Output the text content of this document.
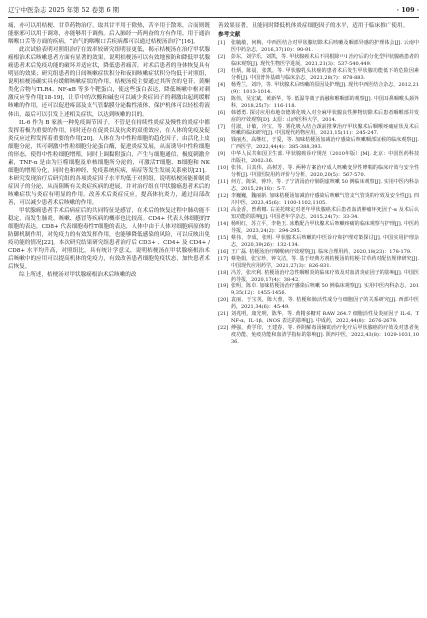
辽宁中医杂志 2025 年第 52 卷第 6 期	· 109 ·

痛，亦可以用桔梗、甘草药物治疗，取其甘平用于除热，苦辛用于散寒，合而则既能驱邪可以用于调寒，亦能够用于调热。后入肺经一药两奋的方有作用，用于通治咽喉口舌等方面的疾病，“治气的咽喉口舌疾病都可以通过桔梗汤治疗”[16]。

此次试验表明对照组治疗在效率较研究组明显更低，揭示桔梗汤在治疗甲状腺癌根治术后咳嗽患者方面有显著的效果，说明桔梗汤可以有效地预防和降低甲状腺癌患者术后免疫功能的破坏并适应状，降低患者痛苦，对术后患者的身体恢复具有明显的效果；研究组患者的日间咳嗽症状积分和夜间咳嗽症状积分均低于对照组，说明桔梗汤确实具有缓解咳嗽症状的作用。桔梗汤使主要通过其所含的皂苷、黄酮类化合物与TLR4、NF-κB 等多个靶蛋白，使这些蛋白表达，降低咳嗽中枢对刺激反应等作用[18-19]，让草中的次酸和碱也可以减少炎症因子的刺激由起到缓解咳嗽的作用，还可以促进疼部及支气管黏膜分泌黏性液体，保护机体可以轻松将液体出，最后可以引发上述相关症状，以达到咳嗽的目的。

IL-6 作为 B 家族一种免疫调节因子，不管是在持续性炎症及慢性的炎症中都发挥着极为重要的作用，同时还存在促炎以及抗炎的双重效应，在人体的免疫及促炎反应过程发挥着重要的作用[20]。人体在为中性粒细胞的趋化因子，由活化上皮细胞分泌，其可刺激中性粒细胞分泌蛋白酶，促进炎症发展，从而诱导中性粒细胞的形态，使得中性粒细胞增殖，同时上调黏附蛋白，产生与细胞通信，极度刺激介素，TNF-α 是由为巨噬细胞及单核细胞所分泌的，可激活T细胞、B细胞和 NK 细胞的增殖分化，同时也和神经、免疫系统疾病，病症等发生发展关系密切[21]。本研究发现治疗后研究组的各项炎症因子水平均低于对照组，说明桔梗汤能抑制炎症因子的分泌，从而阻断有关炎症疾病的进展，并对治疗组在甲状腺癌患者术后的咳嗽症状与炎症有明显的作用，改善术后炎症反应，提高体抗炎力，通过局部改善，可以减少患者术后咳嗽的作用。

甲状腺癌患者手术后病症后的共同特征是感冒，在术后的恢复过程中肺功能不稳定，而发生肺炎、咳嗽、感冒等疾病的概率也比较高。CD4+ 代表人体细胞的T细胞的表达，CD8+ 代表细胞毒性T细胞的表达，人体中由于人体对细胞病原体的防御机制作用，对免疫力的有效发挥作用，也能够降低感染的风险，可以反映出免疫功能的情况[22]。本次研究结果研究组患者治疗后 CD3+ 、CD4+ 及 CD4+ /CD8+ 水平均升高，对照组比，具有统计学意义，说明桔梗汤在甲状腺癌根治术后咳嗽中的应用可以提高机体的免疫力，有效改善患者细胞免疫状态，加快患者术后恢复。

综上所述，桔梗汤对甲状腺癌根治术后咳嗽的改

善效果显著，且能同时降低机体炎症细胞因子的水平，适用于临床推广使用。

参考文献
[1]	张毓敏，何梅，中西医结合对甲状腺切除术后咳嗽及咽部异感的护理体会[J]. 云南中医中药杂志，2016,37(10)：90-91.
[2]	彭东，刘学乐，刘凯，等. 甲状腺癌术后不同根除¹³¹I 治疗后的分化型甲状腺癌患者的临床观察[J]. 现代生物医学进展，2021,21(3)：537-540,449.
[3]	杜炳，陈晨，张凯，等. 甲状腺乳头状癌的患者术后发生甲状腺功能低下的危险因素分析[J]. 中国普外基础与临床杂志，2021,28(7)：878-883.
[4]	杨秀兰，刘玲，等. 甲状腺术后咳嗽的原因及护理[J]. 现代中西医结合杂志，2012,21(9)：1013-1014.
[5]	陈伟，吴宏斌，黄新华，等. 低温等离子消融和喉咽部的观察[J]. 中国耳鼻咽喉头颈外科，2018,25(7)：116-118.
[6]	韩德勇. 探讨应用布地奈德雾化吸入对全麻甲状腺良性肿物切除术后患者咽喉部并发症的疗效观察[D]. 太原：山西医科大学，2014.
[7]	付淑，计敏，冷宝，等. 雾化吸入结合颈前推拿治疗甲状腺术后咽喉疼痛症状及术后咳嗽的临床研究[J]. 中国现代药物应用，2021,15(11)：245-247.
[8]	钱丽杰，高继红，于爱，等. 加味桔梗汤加减治疗感染后咳嗽咽部证候的临床观察[J]. 广西医学，2022,44(4)：385-388,393.
[9]	中华人民共和国卫生部. 甲状腺癌诊疗规范（2010年版）[M]. 北京：中国医药科技出版社，2002:36.
[10] 张伟，吕其伟，高树芳，等. 两种方案治疗成人咳嗽变异性哮喘的临床疗效与安全性分析[J]. 中国医院用药评价与分析，2020,20(5)：567-570.
[11] 何方，陈荣，钟玲，等. 子宁清汤治疗肺阴虚咳嗽 50 例临床观察[J]. 实用中医内科杂志，2015,29(18)：5-7.
[12] 李巍巍，魏丽新. 加味桔梗汤加减治疗感染后咳嗽气管支气管炎的疗效及安全性[J]. 四川中医，2023,45(6)：1100-1102,1105.
[13] 高金香，曾莉娜. 右美托咪定对老年甲状腺癌术后患者血清肿瘤坏死因子-α 及术后认知功能的影响[J]. 中国老年学杂志，2015,24(7)：33-34.
[14] 杨明红，苏立平，李艳玉. 冰敷配合甲状腺术后咳嗽疼痛的临床观察与护理[J]. 中医药导报，2023,24(2)：294-295.
[15] 蔡伟，李成，张明. 甲状腺术后咳嗽的中医诊疗和护理对策探讨[J]. 中国实用护理杂志，2020,39(26)：132-134.
[16] 王广磊. 桔梗汤治疗咽喉病疗效观察[J]. 临床合理用药，2020,18(23)：178-179.
[17] 蔡艳娟，张宝珍，钟文洁，等. 基于经典方剂桔梗汤的桔梗-甘草药对配伍规律研究[J]. 中国现代应用药学，2021,27(3)：826-831.
[18] 冯芳，张庆利. 桔梗汤治疗急性咽喉炎的临床疗效及对血清炎症因子的影响[J]. 中国医药导报，2020,17(4)：38-42.
[19] 张明，陈卓. 加味桔梗汤治疗感染后咳嗽 50 例临床观察[J]. 实用中医内科杂志，2019,35(12)：1455-1456.
[20] 袁丽，于宝英，陈大蓉，等. 桔梗和肺活性成分与细胞因子的关系研究[J]. 西部中医药，2021,34(6)：45-49.
[21] 刘兆明，康光明，陈华，等. 黄精多糖对 RAW 264.7 细胞活性及炎症因子 IL-6、TNF-α、IL-1β、iNOS 表达的影响[J]. 中成药，2022,44(8)：2676-2679.
[22] 傅强，黄学印，王建春，等. 养阴解毒汤辅助治疗化疗后甲状腺癌的疗效及对患者免疫功能、免疫功能和血清学指标的影响[J]. 陕西中医，2022,43(8)：1029-1031,1036.
